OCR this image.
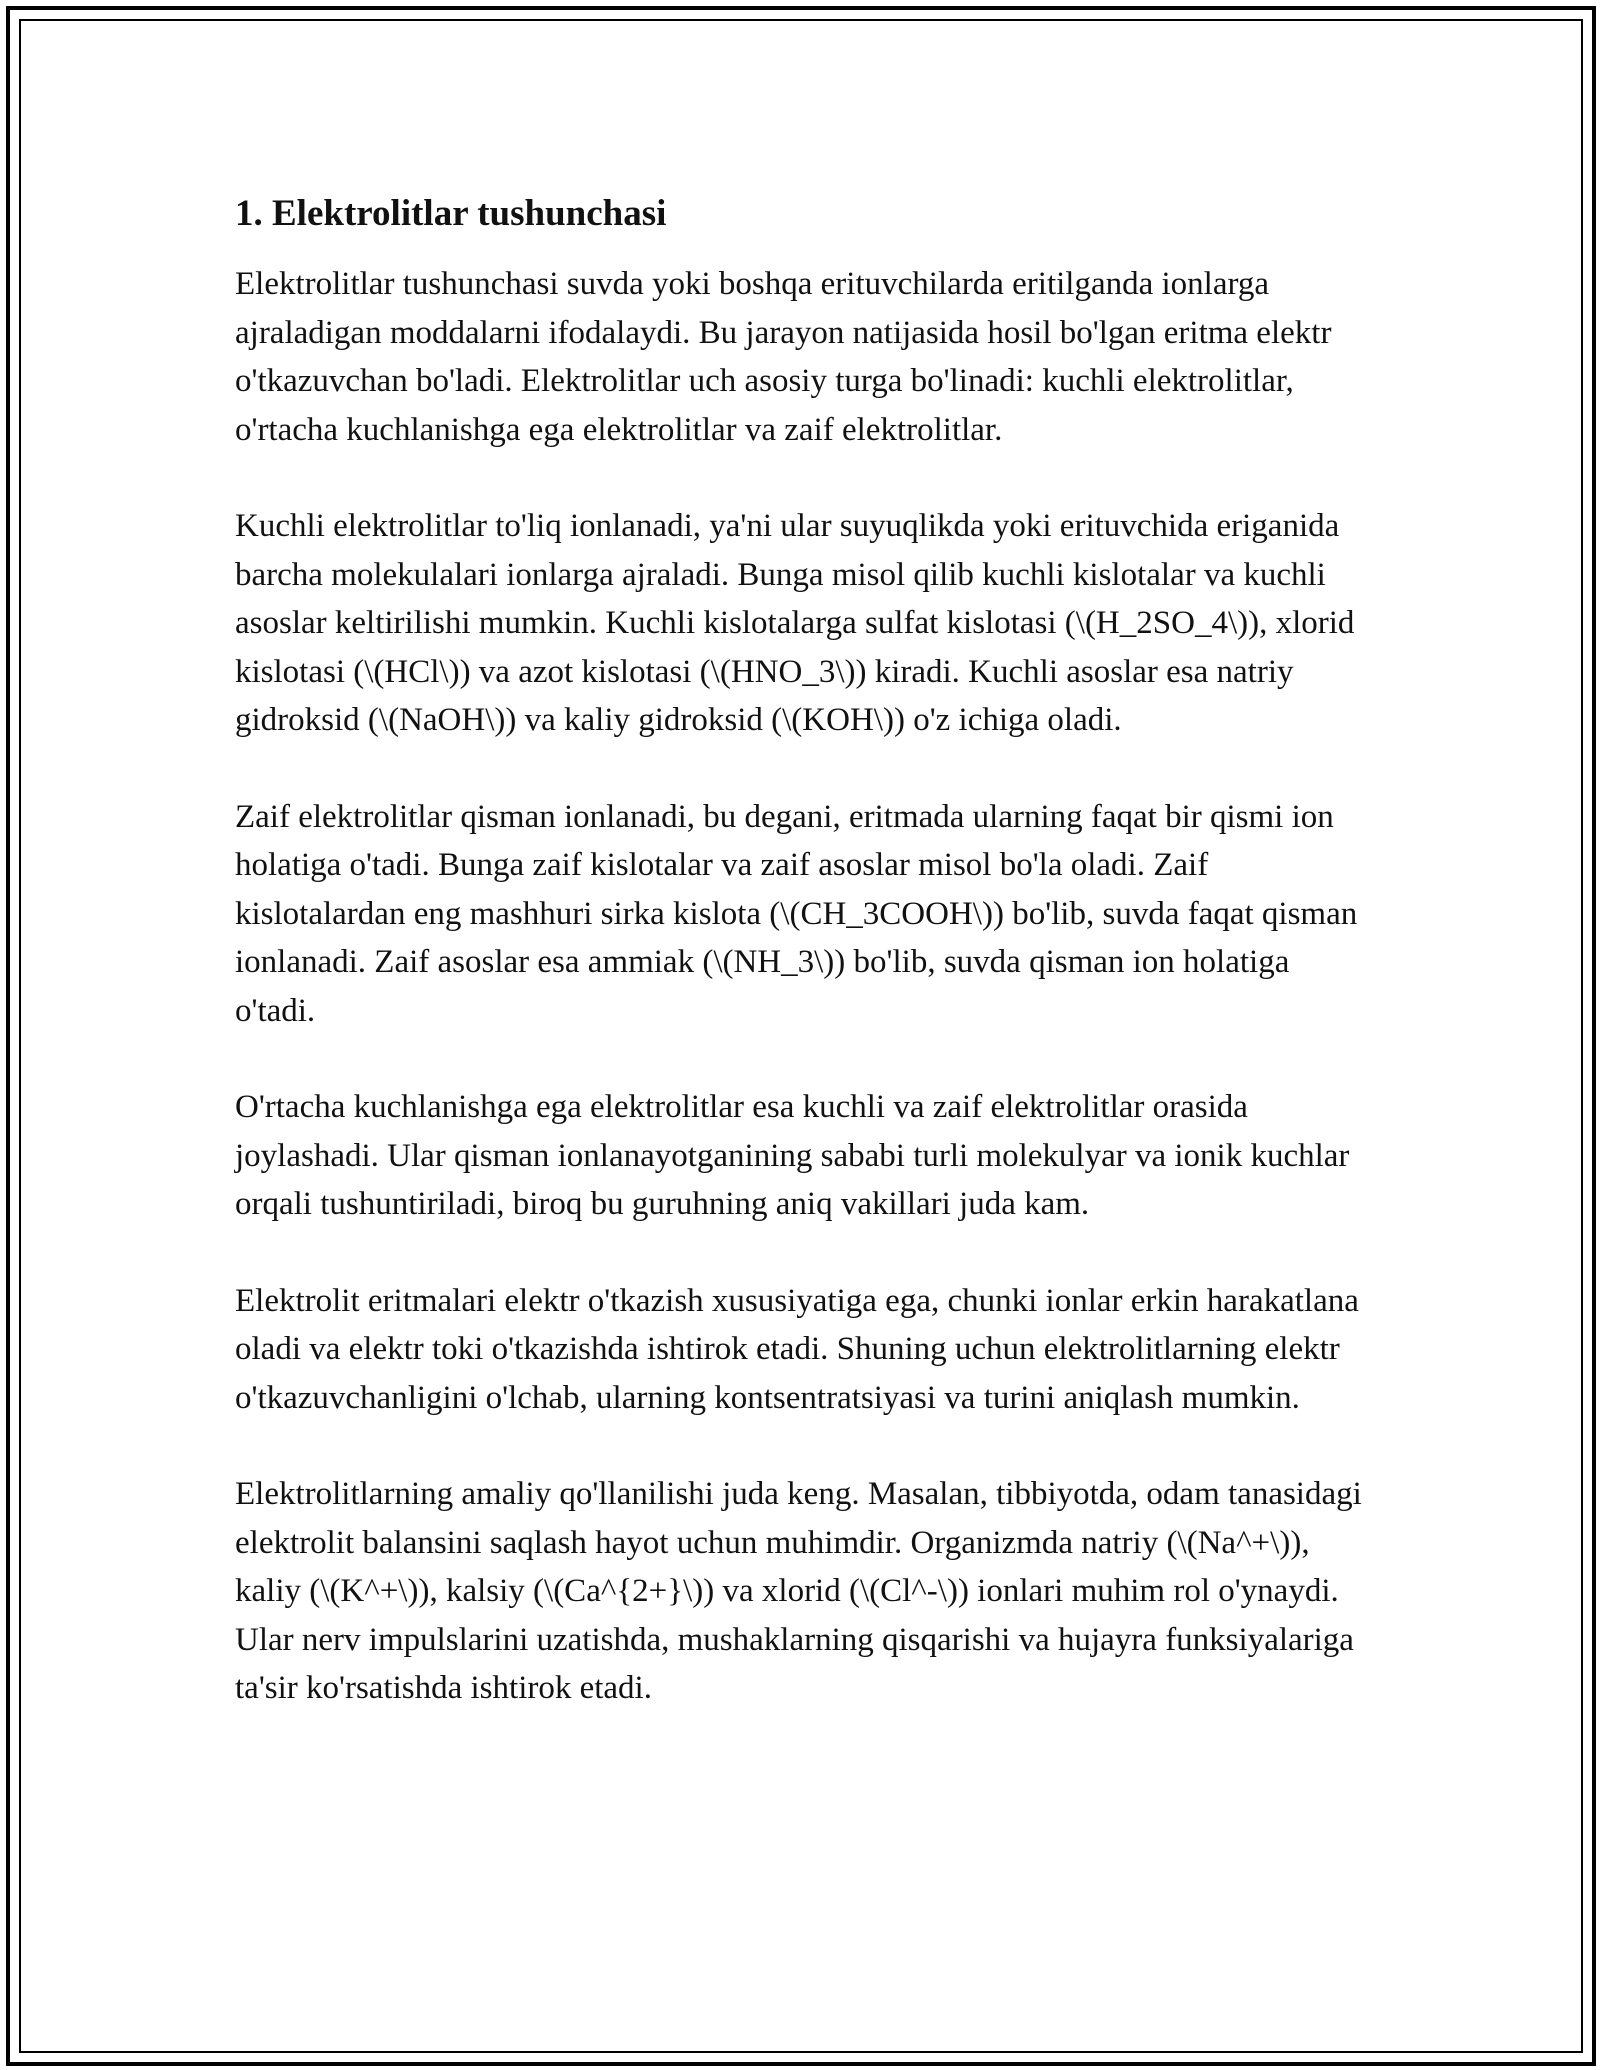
1. Elektrolitlar tushunchasi

Elektrolitlar tushunchasi suvda yoki boshqa erituvchilarda eritilganda ionlarga ajraladigan moddalarni ifodalaydi. Bu jarayon natijasida hosil bo'lgan eritma elektr o'tkazuvchan bo'ladi. Elektrolitlar uch asosiy turga bo'linadi: kuchli elektrolitlar, o'rtacha kuchlanishga ega elektrolitlar va zaif elektrolitlar.

Kuchli elektrolitlar to'liq ionlanadi, ya'ni ular suyuqlikda yoki erituvchida eriganida barcha molekulalari ionlarga ajraladi. Bunga misol qilib kuchli kislotalar va kuchli asoslar keltirilishi mumkin. Kuchli kislotalarga sulfat kislotasi (\(H_2SO_4\)), xlorid kislotasi (\(HCl\)) va azot kislotasi (\(HNO_3\)) kiradi. Kuchli asoslar esa natriy gidroksid (\(NaOH\)) va kaliy gidroksid (\(KOH\)) o'z ichiga oladi.

Zaif elektrolitlar qisman ionlanadi, bu degani, eritmada ularning faqat bir qismi ion holatiga o'tadi. Bunga zaif kislotalar va zaif asoslar misol bo'la oladi. Zaif kislotalardan eng mashhuri sirka kislota (\(CH_3COOH\)) bo'lib, suvda faqat qisman ionlanadi. Zaif asoslar esa ammiak (\(NH_3\)) bo'lib, suvda qisman ion holatiga o'tadi.

O'rtacha kuchlanishga ega elektrolitlar esa kuchli va zaif elektrolitlar orasida joylashadi. Ular qisman ionlanayotganining sababi turli molekulyar va ionik kuchlar orqali tushuntiriladi, biroq bu guruhning aniq vakillari juda kam.

Elektrolit eritmalari elektr o'tkazish xususiyatiga ega, chunki ionlar erkin harakatlana oladi va elektr toki o'tkazishda ishtirok etadi. Shuning uchun elektrolitlarning elektr o'tkazuvchanligini o'lchab, ularning kontsentratsiyasi va turini aniqlash mumkin.

Elektrolitlarning amaliy qo'llanilishi juda keng. Masalan, tibbiyotda, odam tanasidagi elektrolit balansini saqlash hayot uchun muhimdir. Organizmda natriy (\(Na^+\)), kaliy (\(K^+\)), kalsiy (\(Ca^{2+}\)) va xlorid (\(Cl^-\)) ionlari muhim rol o'ynaydi. Ular nerv impulslarini uzatishda, mushaklarning qisqarishi va hujayra funksiyalariga ta'sir ko'rsatishda ishtirok etadi.
